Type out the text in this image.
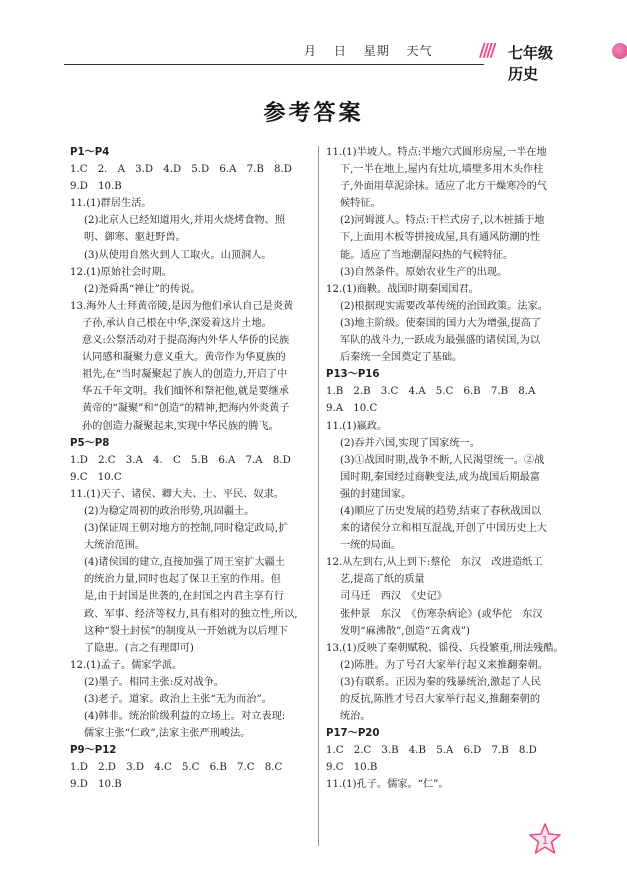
月 日 星期 天气	//// 七年级历史
参考答案
P1～P4
1.C　2.　A　3.D　4.D　5.D　6.A　7.B　8.D
9.D　10.B
11.(1)群居生活。
(2)北京人已经知道用火,并用火烧烤食物、照
明、御寒、驱赶野兽。
(3)从使用自然火到人工取火。山顶洞人。
12.(1)原始社会时期。
(2)尧舜禹“禅让”的传说。
13.海外人士拜黄帝陵,是因为他们承认自己是炎黄
子孙,承认自己根在中华,深爱着这片土地。
意义:公祭活动对于提高海内外华人华侨的民族
认同感和凝聚力意义重大。黄帝作为华夏族的
祖先,在“当时凝聚起了族人的创造力,开启了中
华五千年文明。我们缅怀和祭祀他,就是要继承
黄帝的“凝聚”和“创造”的精神,把海内外炎黄子
孙的创造力凝聚起来,实现中华民族的腾飞。
P5～P8
1.D　2.C　3.A　4.　C　5.B　6.A　7.A　8.D
9.C　10.C
11.(1)天子、诸侯、卿大夫、士、平民、奴隶。
(2)为稳定周初的政治形势,巩固疆土。
(3)保证周王朝对地方的控制,同时稳定政局,扩
大统治范围。
(4)诸侯国的建立,直接加强了周王室扩大疆土
的统治力量,同时也起了保卫王室的作用。但
是,由于封国是世袭的,在封国之内君主享有行
政、军事、经济等权力,具有相对的独立性,所以,
这种“裂土封侯”的制度从一开始就为以后埋下
了隐患。(言之有理即可)
12.(1)孟子。儒家学派。
(2)墨子。相同主张:反对战争。
(3)老子。道家。政治上主张“无为而治”。
(4)韩非。统治阶级利益的立场上。对立表现:
儒家主张“仁政”,法家主张严刑峻法。
P9～P12
1.D　2.D　3.D　4.C　5.C　6.B　7.C　8.C
9.D　10.B
11.(1)半坡人。特点:半地穴式圆形房屋,一半在地
下,一半在地上,屋内有灶坑,墙壁多用木头作柱
子,外面用草泥涂抹。适应了北方干燥寒冷的气
候特征。
(2)河姆渡人。特点:干栏式房子,以木桩插于地
下,上面用木板等拼接成屋,具有通风防潮的性
能。适应了当地潮湿闷热的气候特征。
(3)自然条件。原始农业生产的出现。
12.(1)商鞅。战国时期秦国国君。
(2)根据现实需要改革传统的治国政策。法家。
(3)地主阶级。使秦国的国力大为增强,提高了
军队的战斗力,一跃成为最强盛的诸侯国,为以
后秦统一全国奠定了基础。
P13～P16
1.B　2.B　3.C　4.A　5.C　6.B　7.B　8.A
9.A　10.C
11.(1)嬴政。
(2)吞并六国,实现了国家统一。
(3)①战国时期,战争不断,人民渴望统一。②战
国时期,秦国经过商鞅变法,成为战国后期最富
强的封建国家。
(4)顺应了历史发展的趋势,结束了春秋战国以
来的诸侯分立和相互混战,开创了中国历史上大
一统的局面。
12.从左到右,从上到下:蔡伦　东汉　改进造纸工
艺,提高了纸的质量
司马迁　西汉　《史记》
张仲景　东汉　《伤寒杂病论》(或华佗　东汉
发明“麻沸散”,创造“五禽戏”)
13.(1)反映了秦朝赋税、徭役、兵役繁重,刑法残酷。
(2)陈胜。为了号召大家举行起义来推翻秦朝。
(3)有联系。正因为秦的残暴统治,激起了人民
的反抗,陈胜才号召大家举行起义,推翻秦朝的
统治。
P17～P20
1.C　2.C　3.B　4.B　5.A　6.D　7.B　8.D
9.C　10.B
11.(1)孔子。儒家。“仁”。
1
